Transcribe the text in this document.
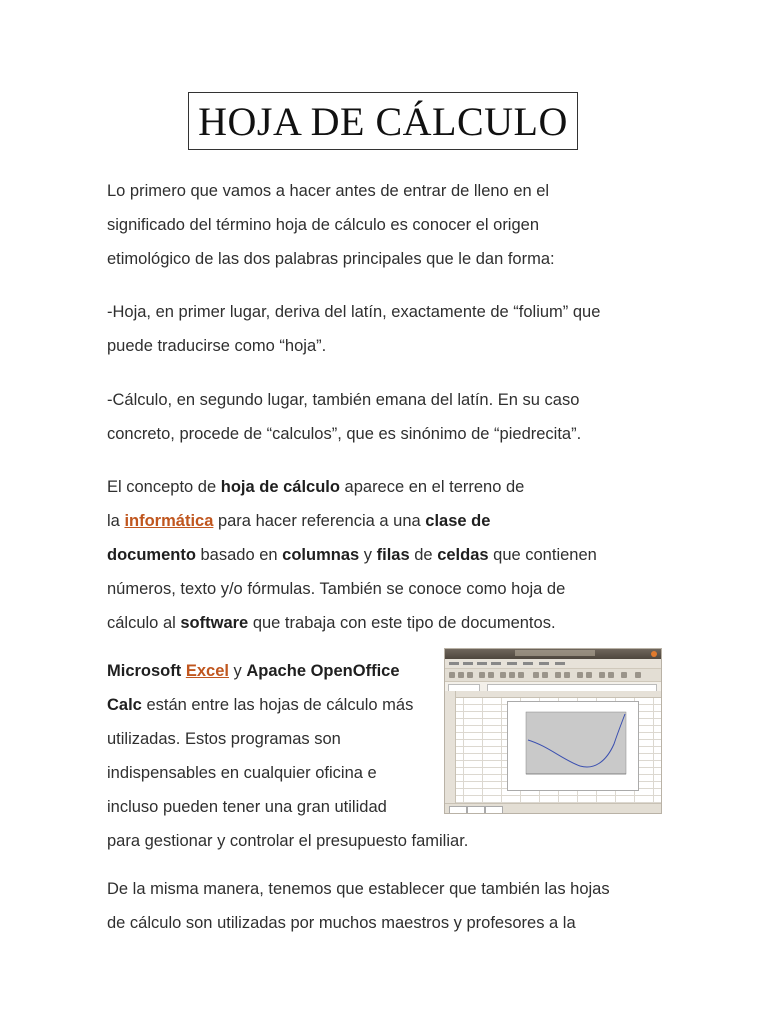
HOJA DE CÁLCULO

Lo primero que vamos a hacer antes de entrar de lleno en el
significado del término hoja de cálculo es conocer el origen
etimológico de las dos palabras principales que le dan forma:

-Hoja, en primer lugar, deriva del latín, exactamente de “folium” que
puede traducirse como “hoja”.

-Cálculo, en segundo lugar, también emana del latín. En su caso
concreto, procede de “calculos”, que es sinónimo de “piedrecita”.

El concepto de hoja de cálculo aparece en el terreno de
la informática para hacer referencia a una clase de
documento basado en columnas y filas de celdas que contienen
números, texto y/o fórmulas. También se conoce como hoja de
cálculo al software que trabaja con este tipo de documentos.

Microsoft Excel y Apache OpenOffice
Calc están entre las hojas de cálculo más
utilizadas. Estos programas son
indispensables en cualquier oficina e
incluso pueden tener una gran utilidad
para gestionar y controlar el presupuesto familiar.

De la misma manera, tenemos que establecer que también las hojas
de cálculo son utilizadas por muchos maestros y profesores a la
